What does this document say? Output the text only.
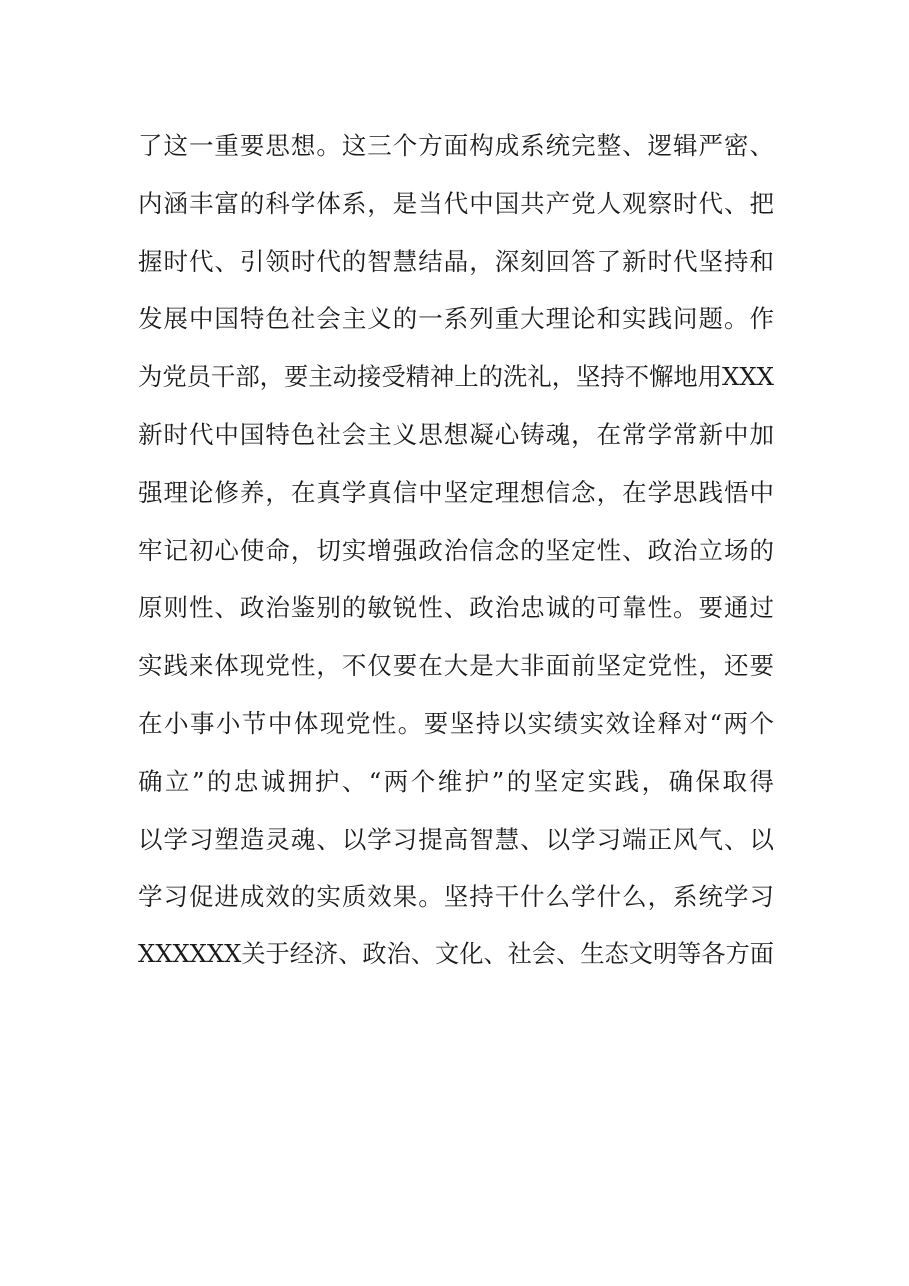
了这一重要思想。这三个方面构成系统完整、逻辑严密、
内涵丰富的科学体系，是当代中国共产党人观察时代、把
握时代、引领时代的智慧结晶，深刻回答了新时代坚持和
发展中国特色社会主义的一系列重大理论和实践问题。作
为党员干部，要主动接受精神上的洗礼，坚持不懈地用XXX
新时代中国特色社会主义思想凝心铸魂，在常学常新中加
强理论修养，在真学真信中坚定理想信念，在学思践悟中
牢记初心使命，切实增强政治信念的坚定性、政治立场的
原则性、政治鉴别的敏锐性、政治忠诚的可靠性。要通过
实践来体现党性，不仅要在大是大非面前坚定党性，还要
在小事小节中体现党性。要坚持以实绩实效诠释对“两个
确立”的忠诚拥护、“两个维护”的坚定实践，确保取得
以学习塑造灵魂、以学习提高智慧、以学习端正风气、以
学习促进成效的实质效果。坚持干什么学什么，系统学习
XXXXXX关于经济、政治、文化、社会、生态文明等各方面
